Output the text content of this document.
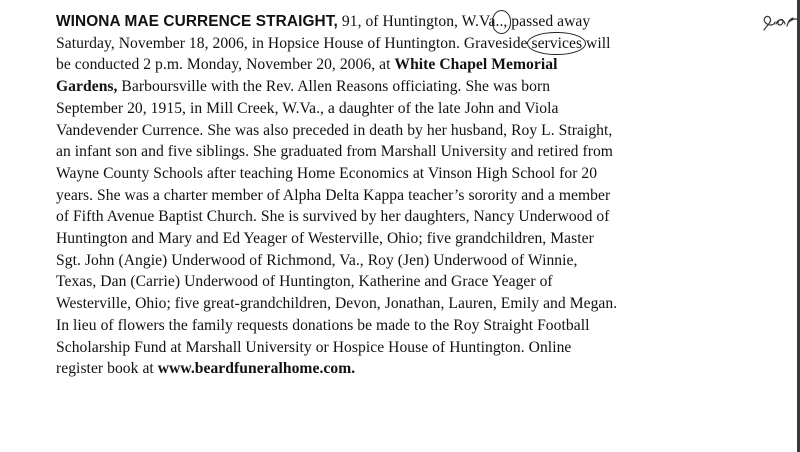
WINONA MAE CURRENCE STRAIGHT, 91, of Huntington, W.Va.., passed away
Saturday, November 18, 2006, in Hopsice House of Huntington. Graveside services will
be conducted 2 p.m. Monday, November 20, 2006, at White Chapel Memorial
Gardens, Barboursville with the Rev. Allen Reasons officiating. She was born
September 20, 1915, in Mill Creek, W.Va., a daughter of the late John and Viola
Vandevender Currence. She was also preceded in death by her husband, Roy L. Straight,
an infant son and five siblings. She graduated from Marshall University and retired from
Wayne County Schools after teaching Home Economics at Vinson High School for 20
years. She was a charter member of Alpha Delta Kappa teacher’s sorority and a member
of Fifth Avenue Baptist Church. She is survived by her daughters, Nancy Underwood of
Huntington and Mary and Ed Yeager of Westerville, Ohio; five grandchildren, Master
Sgt. John (Angie) Underwood of Richmond, Va., Roy (Jen) Underwood of Winnie,
Texas, Dan (Carrie) Underwood of Huntington, Katherine and Grace Yeager of
Westerville, Ohio; five great-grandchildren, Devon, Jonathan, Lauren, Emily and Megan.
In lieu of flowers the family requests donations be made to the Roy Straight Football
Scholarship Fund at Marshall University or Hospice House of Huntington. Online
register book at www.beardfuneralhome.com.
